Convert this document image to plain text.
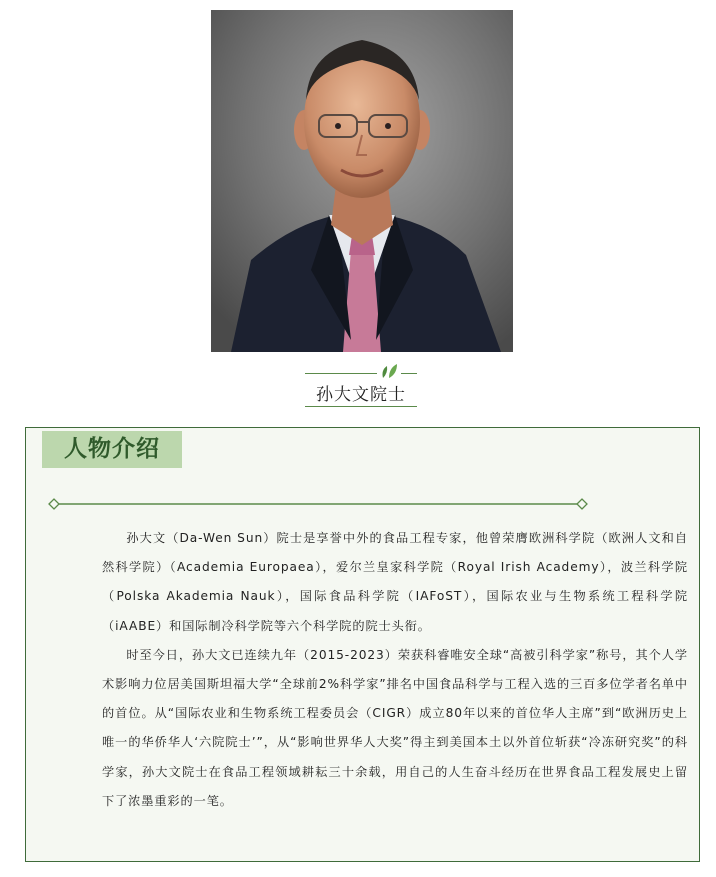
孙大文院士
人物介绍

孙大文（Da-Wen Sun）院士是享誉中外的食品工程专家，他曾荣膺欧洲科学院（欧洲人文和自然科学院）（Academia Europaea），爱尔兰皇家科学院（Royal Irish Academy），波兰科学院（Polska Akademia Nauk），国际食品科学院（IAFoST），国际农业与生物系统工程科学院（iAABE）和国际制冷科学院等六个科学院的院士头衔。

时至今日，孙大文已连续九年（2015-2023）荣获科睿唯安全球“高被引科学家”称号，其个人学术影响力位居美国斯坦福大学“全球前2%科学家”排名中国食品科学与工程入选的三百多位学者名单中的首位。从“国际农业和生物系统工程委员会（CIGR）成立80年以来的首位华人主席”到“欧洲历史上唯一的华侨华人‘六院院士’”，从“影响世界华人大奖”得主到美国本土以外首位斩获“冷冻研究奖”的科学家，孙大文院士在食品工程领域耕耘三十余载，用自己的人生奋斗经历在世界食品工程发展史上留下了浓墨重彩的一笔。
